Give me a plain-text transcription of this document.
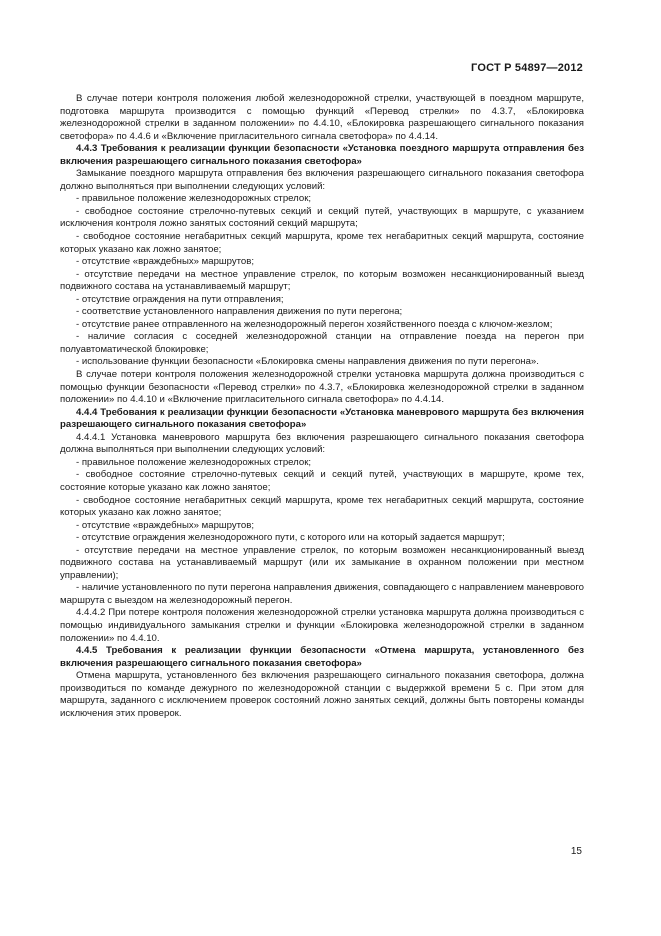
ГОСТ Р 54897—2012

В случае потери контроля положения любой железнодорожной стрелки, участвующей в поездном маршруте, подготовка маршрута производится с помощью функций «Перевод стрелки» по 4.3.7, «Блокировка железнодорожной стрелки в заданном положении» по 4.4.10, «Блокировка разрешающего сигнального показания светофора» по 4.4.6 и «Включение пригласительного сигнала светофора» по 4.4.14.

4.4.3 Требования к реализации функции безопасности «Установка поездного маршрута отправления без включения разрешающего сигнального показания светофора»

Замыкание поездного маршрута отправления без включения разрешающего сигнального показания светофора должно выполняться при выполнении следующих условий:

- правильное положение железнодорожных стрелок;

- свободное состояние стрелочно-путевых секций и секций путей, участвующих в маршруте, с указанием исключения контроля ложно занятых состояний секций маршрута;

- свободное состояние негабаритных секций маршрута, кроме тех негабаритных секций маршрута, состояние которых указано как ложно занятое;

- отсутствие «враждебных» маршрутов;

- отсутствие передачи на местное управление стрелок, по которым возможен несанкционированный выезд подвижного состава на устанавливаемый маршрут;

- отсутствие ограждения на пути отправления;

- соответствие установленного направления движения по пути перегона;

- отсутствие ранее отправленного на железнодорожный перегон хозяйственного поезда с ключом-жезлом;

- наличие согласия с соседней железнодорожной станции на отправление поезда на перегон при полуавтоматической блокировке;

- использование функции безопасности «Блокировка смены направления движения по пути перегона».

В случае потери контроля положения железнодорожной стрелки установка маршрута должна производиться с помощью функции безопасности «Перевод стрелки» по 4.3.7, «Блокировка железнодорожной стрелки в заданном положении» по 4.4.10 и «Включение пригласительного сигнала светофора» по 4.4.14.

4.4.4 Требования к реализации функции безопасности «Установка маневрового маршрута без включения разрешающего сигнального показания светофора»

4.4.4.1 Установка маневрового маршрута без включения разрешающего сигнального показания светофора должна выполняться при выполнении следующих условий:

- правильное положение железнодорожных стрелок;

- свободное состояние стрелочно-путевых секций и секций путей, участвующих в маршруте, кроме тех, состояние которые указано как ложно занятое;

- свободное состояние негабаритных секций маршрута, кроме тех негабаритных секций маршрута, состояние которых указано как ложно занятое;

- отсутствие «враждебных» маршрутов;

- отсутствие ограждения железнодорожного пути, с которого или на который задается маршрут;

- отсутствие передачи на местное управление стрелок, по которым возможен несанкционированный выезд подвижного состава на устанавливаемый маршрут (или их замыкание в охранном положении при местном управлении);

- наличие установленного по пути перегона направления движения, совпадающего с направлением маневрового маршрута с выездом на железнодорожный перегон.

4.4.4.2 При потере контроля положения железнодорожной стрелки установка маршрута должна производиться с помощью индивидуального замыкания стрелки и функции «Блокировка железнодорожной стрелки в заданном положении» по 4.4.10.

4.4.5 Требования к реализации функции безопасности «Отмена маршрута, установленного без включения разрешающего сигнального показания светофора»

Отмена маршрута, установленного без включения разрешающего сигнального показания светофора, должна производиться по команде дежурного по железнодорожной станции с выдержкой времени 5 с. При этом для маршрута, заданного с исключением проверок состояний ложно занятых секций, должны быть повторены команды исключения этих проверок.

15
